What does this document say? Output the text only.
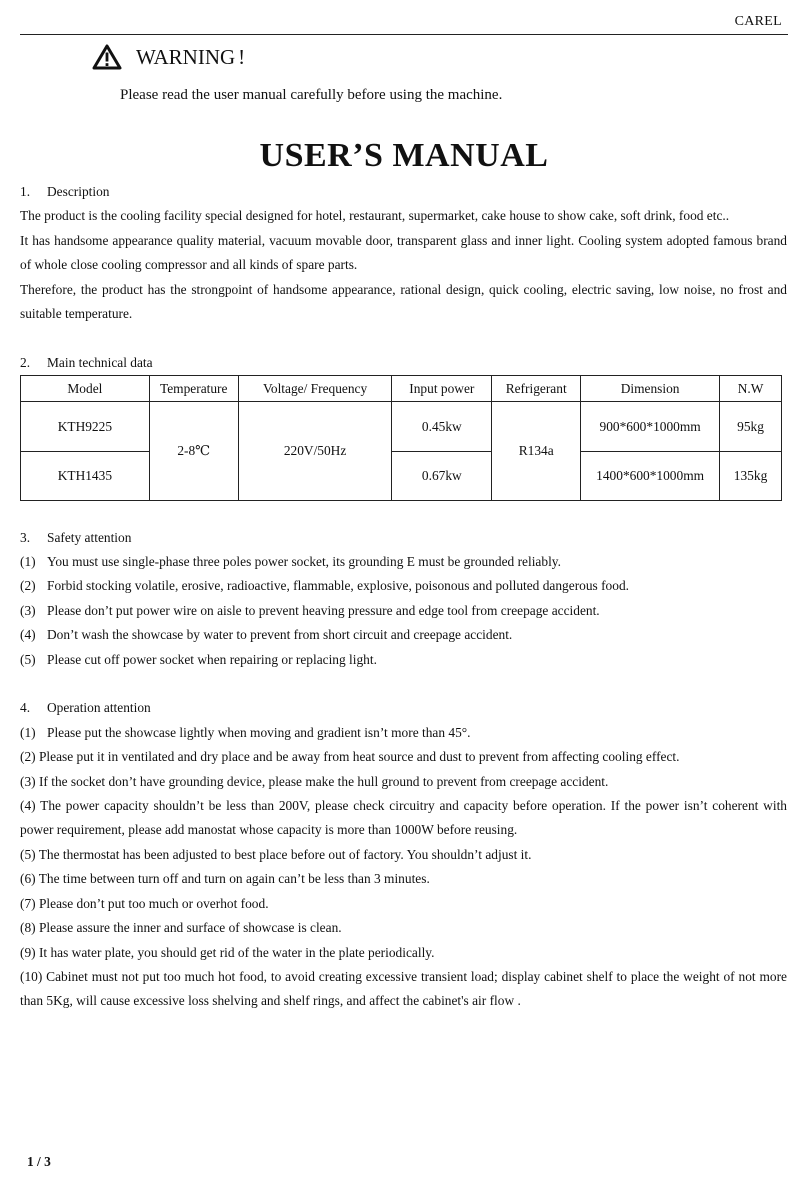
CAREL
WARNING !
Please read the user manual carefully before using the machine.
USER’S MANUAL
1.	Description

The product is the cooling facility special designed for hotel, restaurant, supermarket, cake house to show cake, soft drink, food etc..

It has handsome appearance quality material, vacuum movable door, transparent glass and inner light. Cooling system adopted famous brand of whole close cooling compressor and all kinds of spare parts.

Therefore, the product has the strongpoint of handsome appearance, rational design, quick cooling, electric saving, low noise, no frost and suitable temperature.

2.	Main technical data
Model	Temperature	Voltage/ Frequency	Input power	Refrigerant	Dimension	N.W
KTH9225	2-8℃	220V/50Hz	0.45kw	R134a	900*600*1000mm	95kg
KTH1435			0.67kw		1400*600*1000mm	135kg
3.	Safety attention
(1) You must use single-phase three poles power socket, its grounding E must be grounded reliably.
(2) Forbid stocking volatile, erosive, radioactive, flammable, explosive, poisonous and polluted dangerous food.
(3) Please don’t put power wire on aisle to prevent heaving pressure and edge tool from creepage accident.
(4) Don’t wash the showcase by water to prevent from short circuit and creepage accident.
(5) Please cut off power socket when repairing or replacing light.
4.	Operation attention
(1) Please put the showcase lightly when moving and gradient isn’t more than 45°.

(2) Please put it in ventilated and dry place and be away from heat source and dust to prevent from affecting cooling effect.

(3) If the socket don’t have grounding device, please make the hull ground to prevent from creepage accident.

(4) The power capacity shouldn’t be less than 200V, please check circuitry and capacity before operation. If the power isn’t coherent with power requirement, please add manostat whose capacity is more than 1000W before reusing.

(5) The thermostat has been adjusted to best place before out of factory. You shouldn’t adjust it.

(6) The time between turn off and turn on again can’t be less than 3 minutes.

(7) Please don’t put too much or overhot food.

(8) Please assure the inner and surface of showcase is clean.

(9) It has water plate, you should get rid of the water in the plate periodically.

(10) Cabinet must not put too much hot food, to avoid creating excessive transient load; display cabinet shelf to place the weight of not more than 5Kg, will cause excessive loss shelving and shelf rings, and affect the cabinet's air flow .

1 / 3
